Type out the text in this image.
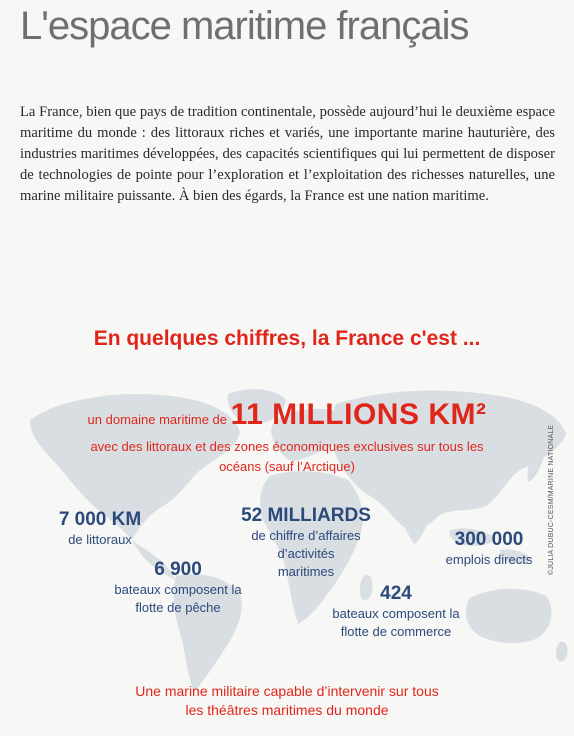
L'espace maritime français

La France, bien que pays de tradition continentale, possède aujourd’hui le deuxième espace maritime du monde : des littoraux riches et variés, une importante marine hauturière, des industries maritimes développées, des capacités scientifiques qui lui permettent de disposer de technologies de pointe pour l’exploration et l’exploitation des richesses naturelles, une marine militaire puissante. À bien des égards, la France est une nation maritime.

En quelques chiffres, la France c'est ...
un domaine maritime de 11 MILLIONS KM²
avec des littoraux et des zones économiques exclusives sur tous les océans (sauf l’Arctique)
7 000 KM
de littoraux
52 MILLIARDS
de chiffre d’affaires d’activités maritimes
300 000
emplois directs
6 900
bateaux composent la flotte de pêche
424
bateaux composent la flotte de commerce
Une marine militaire capable d’intervenir sur tous les théâtres maritimes du monde
©JULIA DUBUC-CESM/MARINE NATIONALE
